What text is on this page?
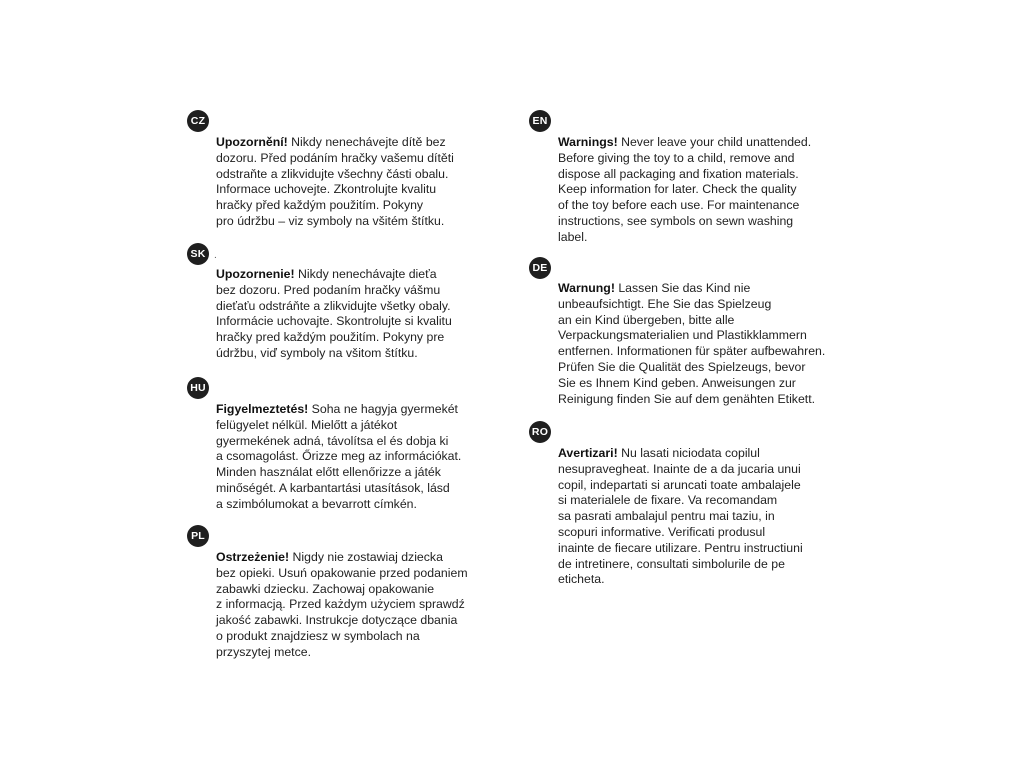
CZ
Upozornění! Nikdy nenechávejte dítě bez
dozoru. Před podáním hračky vašemu dítěti
odstraňte a zlikvidujte všechny části obalu.
Informace uchovejte. Zkontrolujte kvalitu
hračky před každým použitím. Pokyny
pro údržbu – viz symboly na všitém štítku.
SK .
Upozornenie! Nikdy nenechávajte dieťa
bez dozoru. Pred podaním hračky vášmu
dieťaťu odstráňte a zlikvidujte všetky obaly.
Informácie uchovajte. Skontrolujte si kvalitu
hračky pred každým použitím. Pokyny pre
údržbu, viď symboly na všitom štítku.
HU
Figyelmeztetés! Soha ne hagyja gyermekét
felügyelet nélkül. Mielőtt a játékot
gyermekének adná, távolítsa el és dobja ki
a csomagolást. Őrizze meg az információkat.
Minden használat előtt ellenőrizze a játék
minőségét. A karbantartási utasítások, lásd
a szimbólumokat a bevarrott címkén.
PL
Ostrzeżenie! Nigdy nie zostawiaj dziecka
bez opieki. Usuń opakowanie przed podaniem
zabawki dziecku. Zachowaj opakowanie
z informacją. Przed każdym użyciem sprawdź
jakość zabawki. Instrukcje dotyczące dbania
o produkt znajdziesz w symbolach na
przyszytej metce.
EN
Warnings! Never leave your child unattended.
Before giving the toy to a child, remove and
dispose all packaging and fixation materials.
Keep information for later. Check the quality
of the toy before each use. For maintenance
instructions, see symbols on sewn washing
label.
DE
Warnung! Lassen Sie das Kind nie
unbeaufsichtigt. Ehe Sie das Spielzeug
an ein Kind übergeben, bitte alle
Verpackungsmaterialien und Plastikklammern
entfernen. Informationen für später aufbewahren.
Prüfen Sie die Qualität des Spielzeugs, bevor
Sie es Ihnem Kind geben. Anweisungen zur
Reinigung finden Sie auf dem genähten Etikett.
RO
Avertizari! Nu lasati niciodata copilul
nesupraveghe​at. Inainte de a da jucaria unui
copil, indepartati si aruncati toate ambalajele
si materialele de fixare. Va recomandam
sa pasrati ambalajul pentru mai taziu, in
scopuri informative. Verificati produsul
inainte de fiecare utilizare. Pentru instructiuni
de intretinere, consultati simbolurile de pe
eticheta.
